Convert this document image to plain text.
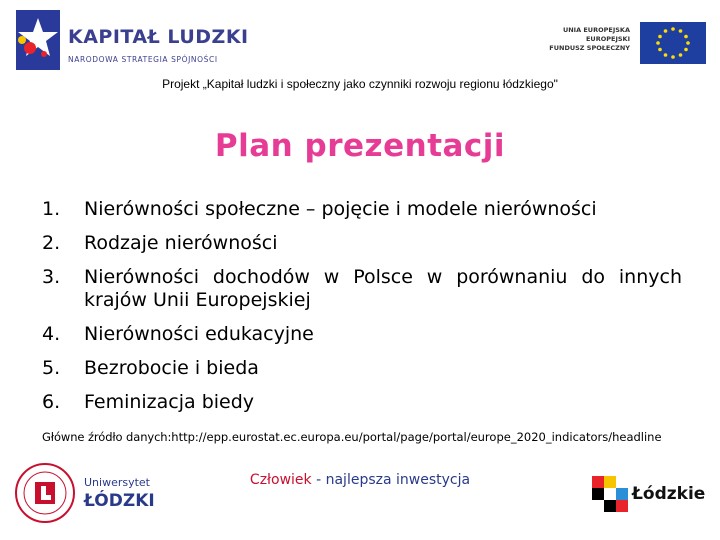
KAPITAŁ LUDZKI
NARODOWA STRATEGIA SPÓJNOŚCI
UNIA EUROPEJSKA
EUROPEJSKI
FUNDUSZ SPOŁECZNY
Projekt „Kapitał ludzki i społeczny jako czynniki rozwoju regionu łódzkiego"
Plan prezentacji
1. Nierówności społeczne – pojęcie i modele nierówności
2. Rodzaje nierówności
3. Nierówności dochodów w Polsce w porównaniu do innych krajów Unii Europejskiej
4. Nierówności edukacyjne
5. Bezrobocie i bieda
6. Feminizacja biedy
Główne źródło danych:http://epp.eurostat.ec.europa.eu/portal/page/portal/europe_2020_indicators/headline
Uniwersytet
ŁÓDZKI
Człowiek - najlepsza inwestycja
Łódzkie
